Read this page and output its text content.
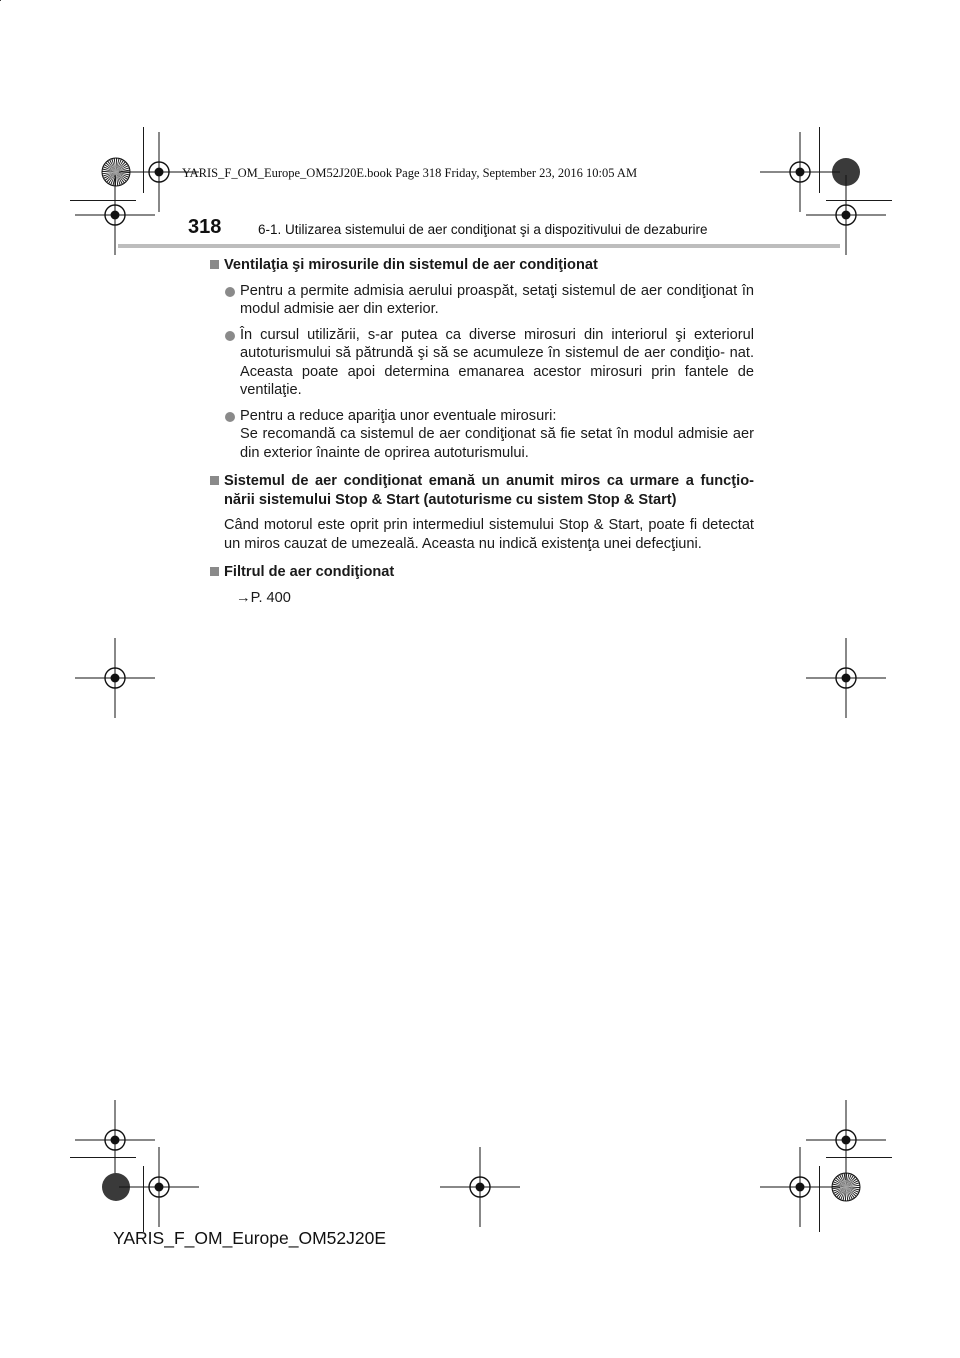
YARIS_F_OM_Europe_OM52J20E.book Page 318 Friday, September 23, 2016 10:05 AM
318	6-1. Utilizarea sistemului de aer condiţionat şi a dispozitivului de dezaburire
Ventilaţia şi mirosurile din sistemul de aer condiţionat
Pentru a permite admisia aerului proaspăt, setaţi sistemul de aer condiţionat în modul admisie aer din exterior.
În cursul utilizării, s-ar putea ca diverse mirosuri din interiorul şi exteriorul autoturismului să pătrundă şi să se acumuleze în sistemul de aer condiţio- nat. Aceasta poate apoi determina emanarea acestor mirosuri prin fantele de ventilaţie.
Pentru a reduce apariţia unor eventuale mirosuri:
Se recomandă ca sistemul de aer condiţionat să fie setat în modul admisie aer din exterior înainte de oprirea autoturismului.
Sistemul de aer condiţionat emană un anumit miros ca urmare a funcţio- nării sistemului Stop & Start (autoturisme cu sistem Stop & Start)
Când motorul este oprit prin intermediul sistemului Stop & Start, poate fi detectat un miros cauzat de umezeală. Aceasta nu indică existenţa unei defecţiuni.
Filtrul de aer condiţionat
→P. 400
YARIS_F_OM_Europe_OM52J20E
